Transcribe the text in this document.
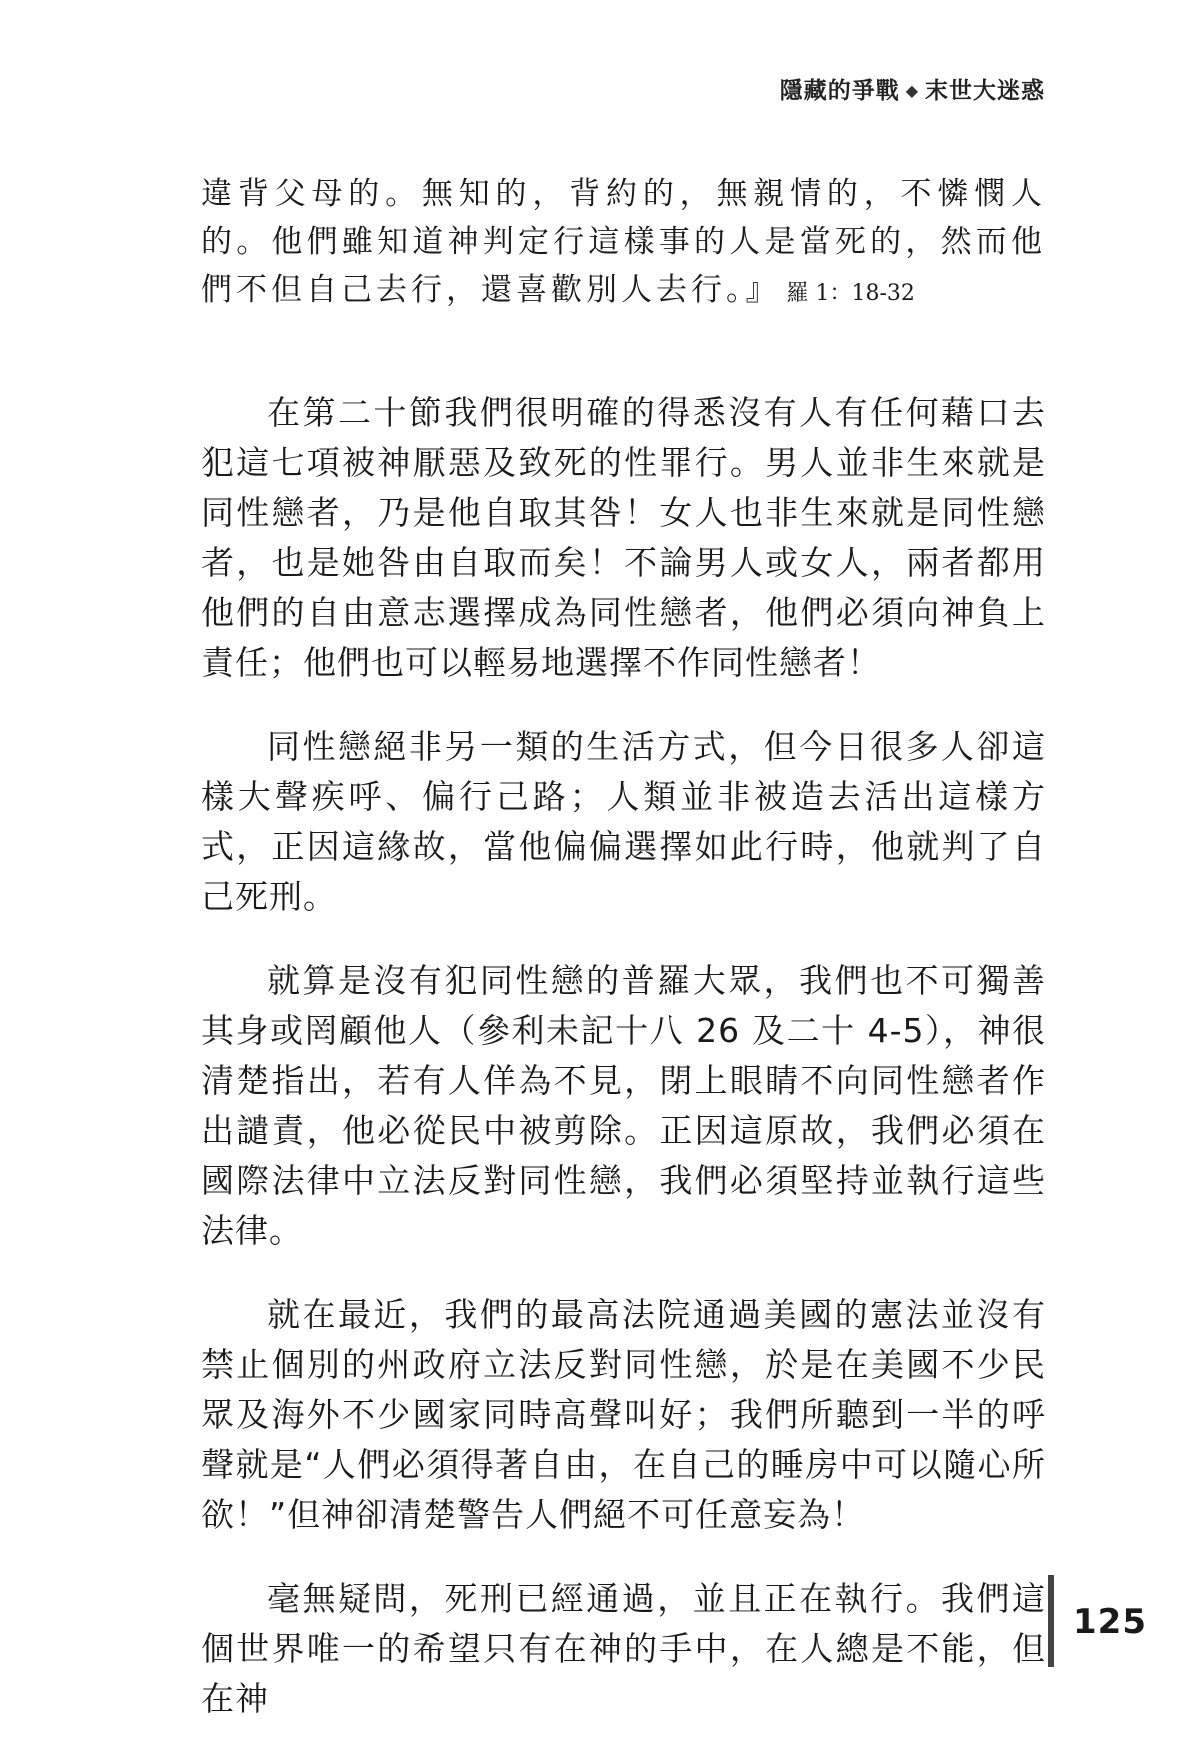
隱藏的爭戰 ◆ 末世大迷惑

違背父母的。無知的，背約的，無親情的，不憐憫人的。他們雖知道神判定行這樣事的人是當死的，然而他們不但自己去行，還喜歡別人去行。』 羅 1：18-32

在第二十節我們很明確的得悉沒有人有任何藉口去犯這七項被神厭惡及致死的性罪行。男人並非生來就是同性戀者，乃是他自取其咎！女人也非生來就是同性戀者，也是她咎由自取而矣！不論男人或女人，兩者都用他們的自由意志選擇成為同性戀者，他們必須向神負上責任；他們也可以輕易地選擇不作同性戀者！

同性戀絕非另一類的生活方式，但今日很多人卻這樣大聲疾呼、偏行己路；人類並非被造去活出這樣方式，正因這緣故，當他偏偏選擇如此行時，他就判了自己死刑。

就算是沒有犯同性戀的普羅大眾，我們也不可獨善其身或罔顧他人（參利未記十八 26 及二十 4-5），神很清楚指出，若有人佯為不見，閉上眼睛不向同性戀者作出譴責，他必從民中被剪除。正因這原故，我們必須在國際法律中立法反對同性戀，我們必須堅持並執行這些法律。

就在最近，我們的最高法院通過美國的憲法並沒有禁止個別的州政府立法反對同性戀，於是在美國不少民眾及海外不少國家同時高聲叫好；我們所聽到一半的呼聲就是“人們必須得著自由，在自己的睡房中可以隨心所欲！”但神卻清楚警告人們絕不可任意妄為！

毫無疑問，死刑已經通過，並且正在執行。我們這個世界唯一的希望只有在神的手中，在人總是不能，但在神

125
